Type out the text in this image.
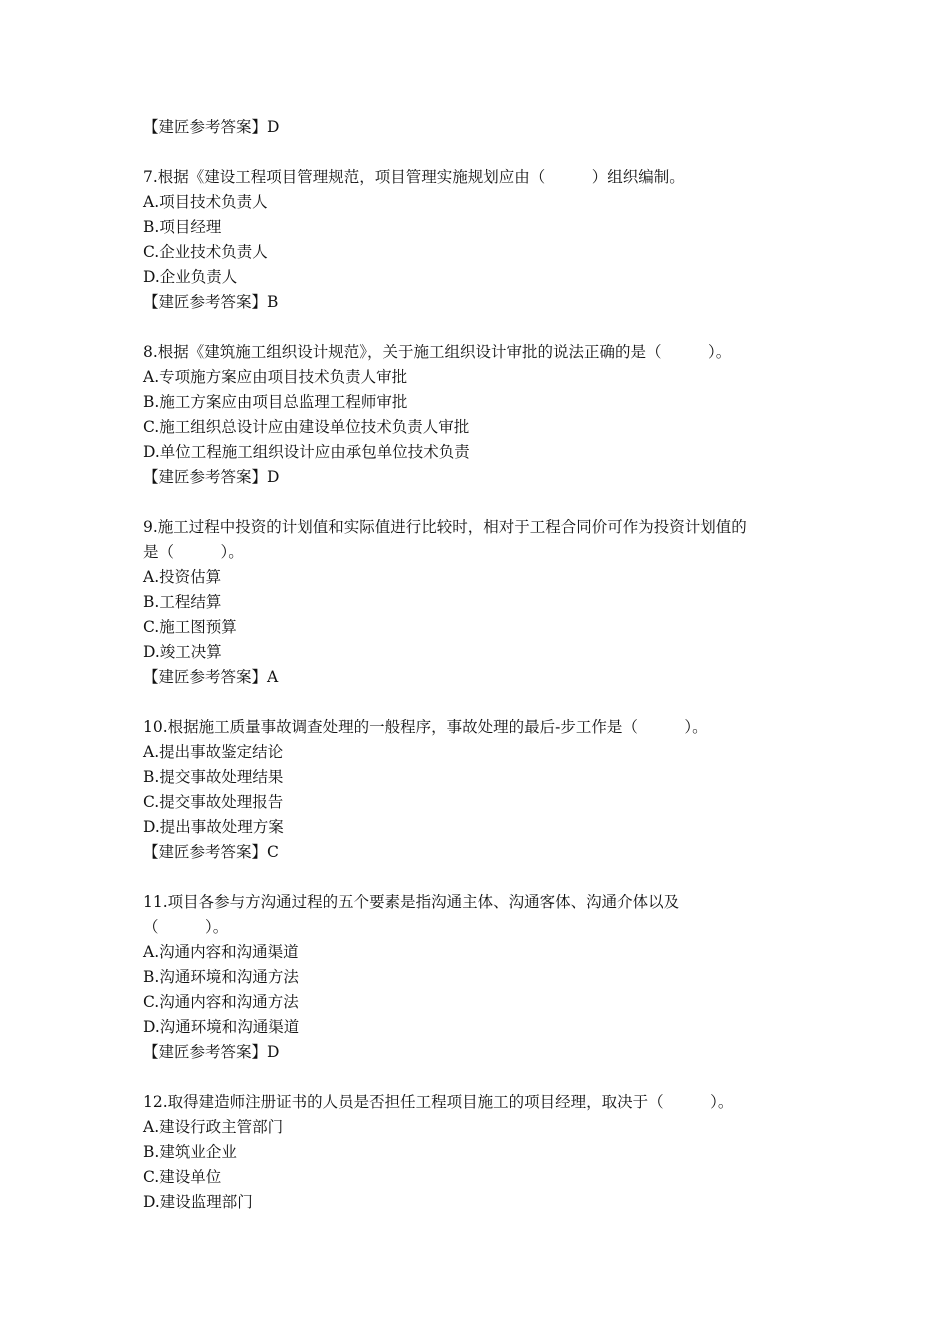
【建匠参考答案】D
7.根据《建设工程项目管理规范，项目管理实施规划应由（　　　）组织编制。
A.项目技术负责人
B.项目经理
C.企业技术负责人
D.企业负责人
【建匠参考答案】B
8.根据《建筑施工组织设计规范》，关于施工组织设计审批的说法正确的是（　　　）。
A.专项施方案应由项目技术负责人审批
B.施工方案应由项目总监理工程师审批
C.施工组织总设计应由建设单位技术负责人审批
D.单位工程施工组织设计应由承包单位技术负责
【建匠参考答案】D
9.施工过程中投资的计划值和实际值进行比较时，相对于工程合同价可作为投资计划值的
是（　　　）。
A.投资估算
B.工程结算
C.施工图预算
D.竣工决算
【建匠参考答案】A
10.根据施工质量事故调查处理的一般程序，事故处理的最后-步工作是（　　　）。
A.提出事故鉴定结论
B.提交事故处理结果
C.提交事故处理报告
D.提出事故处理方案
【建匠参考答案】C
11.项目各参与方沟通过程的五个要素是指沟通主体、沟通客体、沟通介体以及
（　　　）。
A.沟通内容和沟通渠道
B.沟通环境和沟通方法
C.沟通内容和沟通方法
D.沟通环境和沟通渠道
【建匠参考答案】D
12.取得建造师注册证书的人员是否担任工程项目施工的项目经理，取决于（　　　）。
A.建设行政主管部门
B.建筑业企业
C.建设单位
D.建设监理部门
